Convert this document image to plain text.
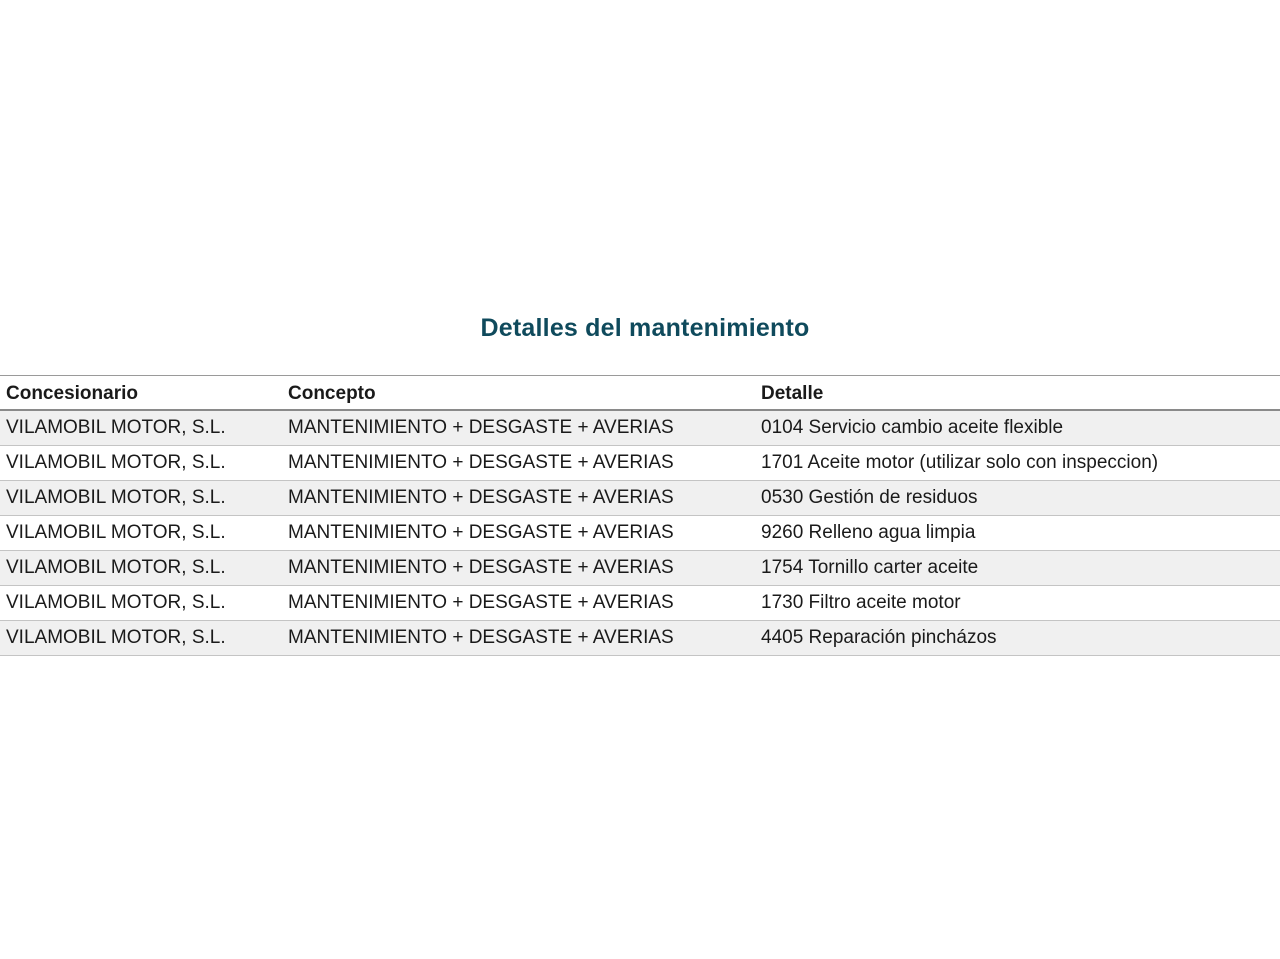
Detalles del mantenimiento
Concesionario	Concepto	Detalle
VILAMOBIL MOTOR, S.L.	MANTENIMIENTO + DESGASTE + AVERIAS	0104 Servicio cambio aceite flexible
VILAMOBIL MOTOR, S.L.	MANTENIMIENTO + DESGASTE + AVERIAS	1701 Aceite motor (utilizar solo con inspeccion)
VILAMOBIL MOTOR, S.L.	MANTENIMIENTO + DESGASTE + AVERIAS	0530 Gestión de residuos
VILAMOBIL MOTOR, S.L.	MANTENIMIENTO + DESGASTE + AVERIAS	9260 Relleno agua limpia
VILAMOBIL MOTOR, S.L.	MANTENIMIENTO + DESGASTE + AVERIAS	1754 Tornillo carter aceite
VILAMOBIL MOTOR, S.L.	MANTENIMIENTO + DESGASTE + AVERIAS	1730 Filtro aceite motor
VILAMOBIL MOTOR, S.L.	MANTENIMIENTO + DESGASTE + AVERIAS	4405 Reparación pincházos
